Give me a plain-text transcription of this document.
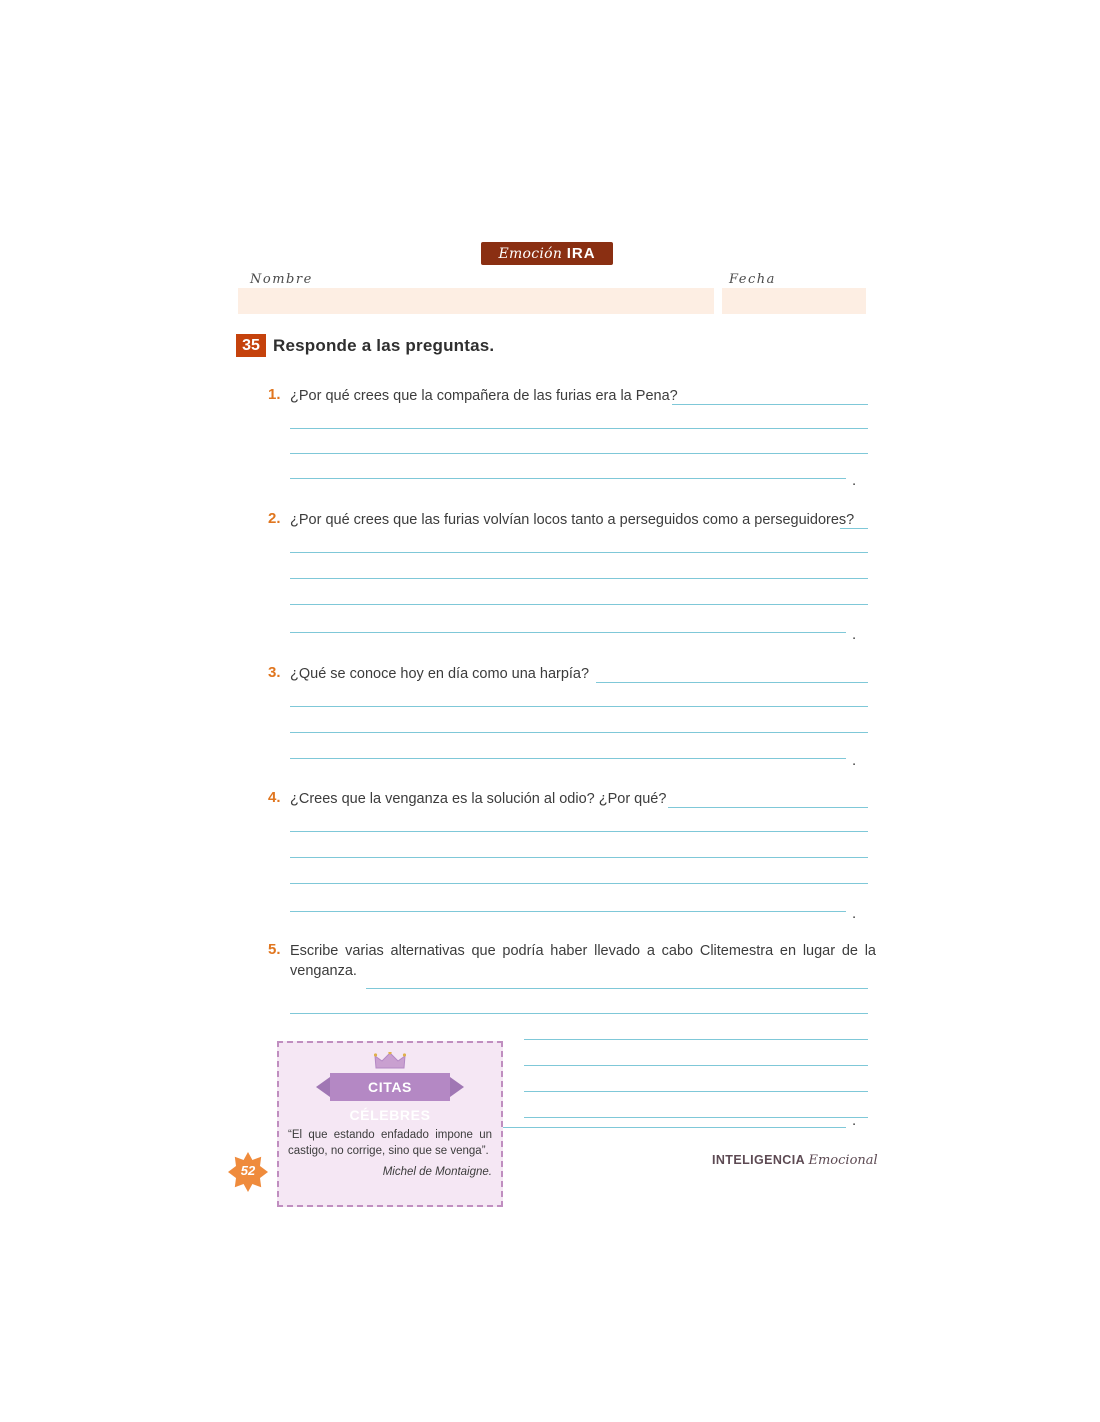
Emoción IRA
Nombre	Fecha
35 Responde a las preguntas.
1. ¿Por qué crees que la compañera de las furias era la Pena?
.
2. ¿Por qué crees que las furias volvían locos tanto a perseguidos como a perseguidores?
.
3. ¿Qué se conoce hoy en día como una harpía?
.
4. ¿Crees que la venganza es la solución al odio? ¿Por qué?
.
5. Escribe varias alternativas que podría haber llevado a cabo Clitemestra en lugar de la venganza.
.
CITAS CÉLEBRES
“El que estando enfadado impone un castigo, no corrige, sino que se venga”.
Michel de Montaigne.
52
INTELIGENCIA Emocional
